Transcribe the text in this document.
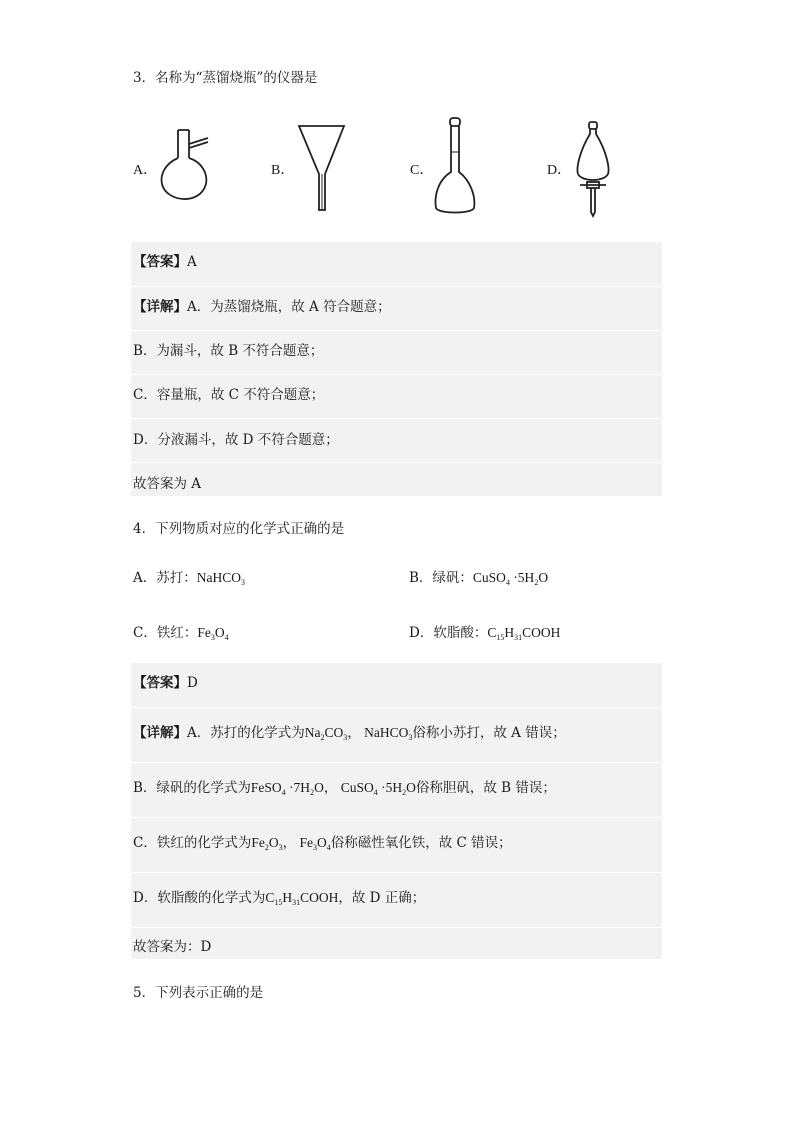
3．名称为“蒸馏烧瓶”的仪器是
A．	B．	C．	D．
【答案】A
【详解】A．为蒸馏烧瓶，故 A 符合题意；
B．为漏斗，故 B 不符合题意；
C．容量瓶，故 C 不符合题意；
D．分液漏斗，故 D 不符合题意；
故答案为 A
4．下列物质对应的化学式正确的是
A．苏打：NaHCO$_3$	B．绿矾：CuSO$_4$ $\cdot 5H_2O$
C．铁红：$Fe_3O_4$	D．软脂酸：$C_{15}H_{31}COOH$
【答案】D
【详解】A．苏打的化学式为$Na_2CO_3$， NaHCO$_3$俗称小苏打，故 A 错误；
B．绿矾的化学式为FeSO$_4$ $\cdot 7H_2O$， CuSO$_4$ $\cdot 5H_2O$俗称胆矾，故 B 错误；
C．铁红的化学式为$Fe_2O_3$， $Fe_3O_4$俗称磁性氧化铁，故 C 错误；
D．软脂酸的化学式为$C_{15}H_{31}COOH$，故 D 正确；
故答案为：D
5．下列表示正确的是
